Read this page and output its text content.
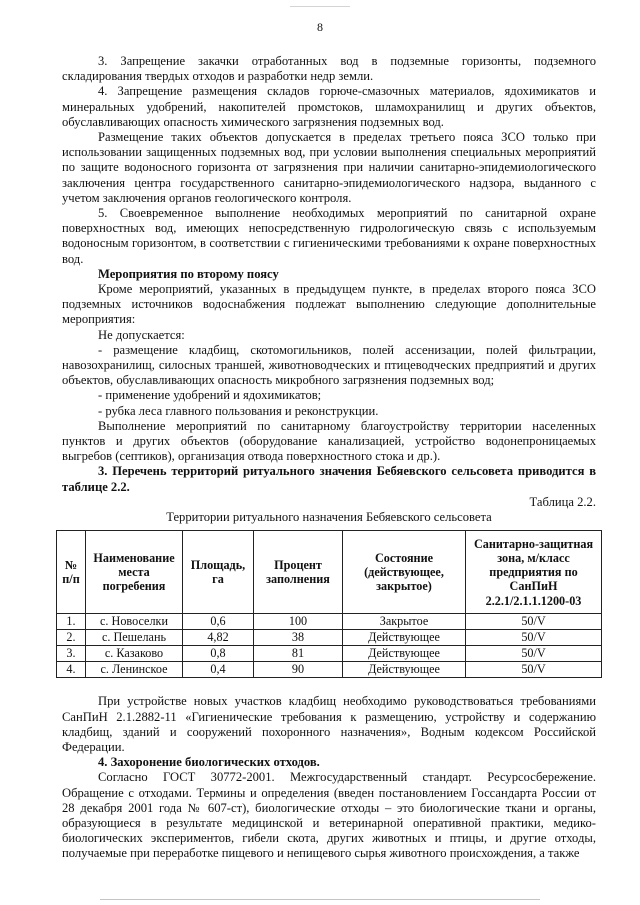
8

3. Запрещение закачки отработанных вод в подземные горизонты, подземного складирования твердых отходов и разработки недр земли.

4. Запрещение размещения складов горюче-смазочных материалов, ядохимикатов и минеральных удобрений, накопителей промстоков, шламохранилищ и других объектов, обуславливающих опасность химического загрязнения подземных вод.

Размещение таких объектов допускается в пределах третьего пояса ЗСО только при использовании защищенных подземных вод, при условии выполнения специальных мероприятий по защите водоносного горизонта от загрязнения при наличии санитарно-эпидемиологического заключения центра государственного санитарно-эпидемиологического надзора, выданного с учетом заключения органов геологического контроля.

5. Своевременное выполнение необходимых мероприятий по санитарной охране поверхностных вод, имеющих непосредственную гидрологическую связь с используемым водоносным горизонтом, в соответствии с гигиеническими требованиями к охране поверхностных вод.

Мероприятия по второму поясу

Кроме мероприятий, указанных в предыдущем пункте, в пределах второго пояса ЗСО подземных источников водоснабжения подлежат выполнению следующие дополнительные мероприятия:

Не допускается:

- размещение кладбищ, скотомогильников, полей ассенизации, полей фильтрации, навозохранилищ, силосных траншей, животноводческих и птицеводческих предприятий и других объектов, обуславливающих опасность микробного загрязнения подземных вод;

- применение удобрений и ядохимикатов;

- рубка леса главного пользования и реконструкции.

Выполнение мероприятий по санитарному благоустройству территории населенных пунктов и других объектов (оборудование канализацией, устройство водонепроницаемых выгребов (септиков), организация отвода поверхностного стока и др.).

3. Перечень территорий ритуального значения Бебяевского сельсовета приводится в таблице 2.2.

Таблица 2.2.

Территории ритуального назначения Бебяевского сельсовета

№ п/п	Наименование места погребения	Площадь, га	Процент заполнения	Состояние (действующее, закрытое)	Санитарно-защитная зона, м/класс предприятия по СанПиН 2.2.1/2.1.1.1200-03
1.	с. Новоселки	0,6	100	Закрытое	50/V
2.	с. Пешелань	4,82	38	Действующее	50/V
3.	с. Казаково	0,8	81	Действующее	50/V
4.	с. Ленинское	0,4	90	Действующее	50/V

При устройстве новых участков кладбищ необходимо руководствоваться требованиями СанПиН 2.1.2882-11 «Гигиенические требования к размещению, устройству и содержанию кладбищ, зданий и сооружений похоронного назначения», Водным кодексом Российской Федерации.

4. Захоронение биологических отходов.

Согласно ГОСТ 30772-2001. Межгосударственный стандарт. Ресурсосбережение. Обращение с отходами. Термины и определения (введен постановлением Госсандарта России от 28 декабря 2001 года № 607-ст), биологические отходы – это биологические ткани и органы, образующиеся в результате медицинской и ветеринарной оперативной практики, медико-биологических экспериментов, гибели скота, других животных и птицы, и другие отходы, получаемые при переработке пищевого и непищевого сырья животного происхождения, а также
